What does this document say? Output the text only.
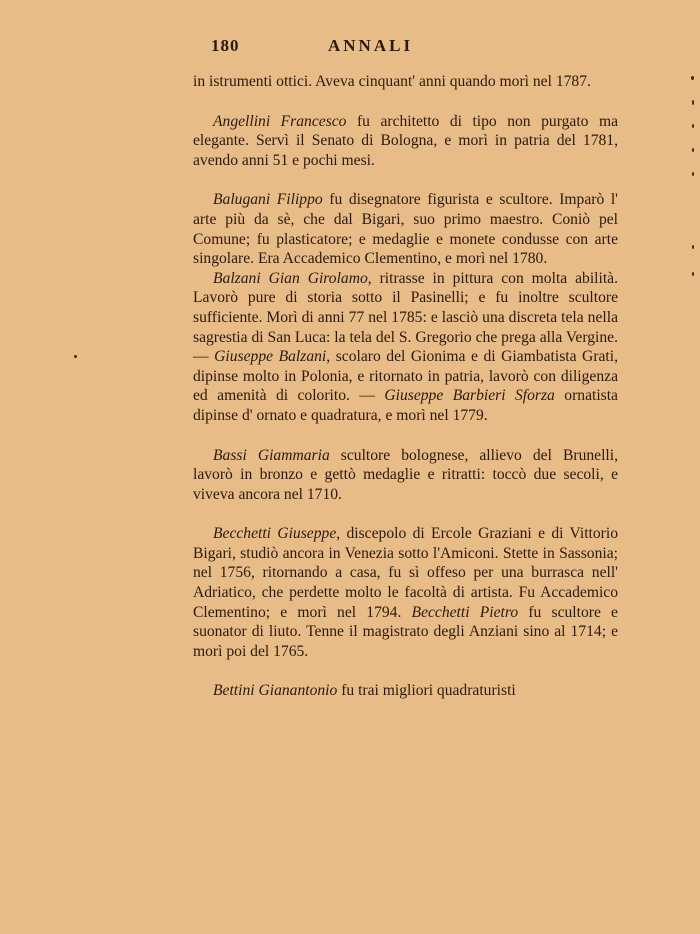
180	ANNALI

in istrumenti ottici. Aveva cinquant' anni quando morì nel 1787.

Angellini Francesco fu architetto di tipo non purgato ma elegante. Servì il Senato di Bologna, e morì in patria del 1781, avendo anni 51 e pochi mesi.

Balugani Filippo fu disegnatore figurista e scultore. Imparò l' arte più da sè, che dal Bigari, suo primo maestro. Coniò pel Comune; fu plasticatore; e medaglie e monete condusse con arte singolare. Era Accademico Clementino, e morì nel 1780.

Balzani Gian Girolamo, ritrasse in pittura con molta abilità. Lavorò pure di storia sotto il Pasinelli; e fu inoltre scultore sufficiente. Morì di anni 77 nel 1785: e lasciò una discreta tela nella sagrestia di San Luca: la tela del S. Gregorio che prega alla Vergine. — Giuseppe Balzani, scolaro del Gionima e di Giambatista Grati, dipinse molto in Polonia, e ritornato in patria, lavorò con diligenza ed amenità di colorito. — Giuseppe Barbieri Sforza ornatista dipinse d' ornato e quadratura, e morì nel 1779.

Bassi Giammaria scultore bolognese, allievo del Brunelli, lavorò in bronzo e gettò medaglie e ritratti: toccò due secoli, e viveva ancora nel 1710.

Becchetti Giuseppe, discepolo di Ercole Graziani e di Vittorio Bigari, studiò ancora in Venezia sotto l'Amiconi. Stette in Sassonia; nel 1756, ritornando a casa, fu sì offeso per una burrasca nell' Adriatico, che perdette molto le facoltà di artista. Fu Accademico Clementino; e morì nel 1794. Becchetti Pietro fu scultore e suonator di liuto. Tenne il magistrato degli Anziani sino al 1714; e morì poi del 1765.

Bettini Gianantonio fu trai migliori quadraturisti
